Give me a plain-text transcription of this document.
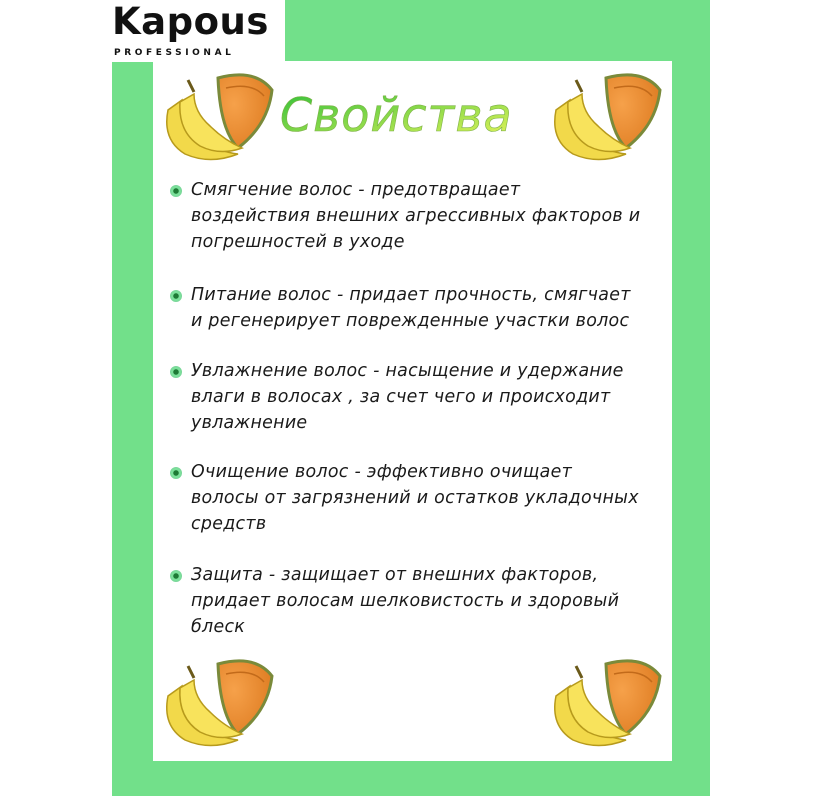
Kapous
PROFESSIONAL
Свойства
Смягчение волос - предотвращает
воздействия внешних агрессивных факторов и
погрешностей в уходе
Питание волос - придает прочность, смягчает
и регенерирует поврежденные участки волос
Увлажнение волос - насыщение и удержание
влаги в волосах , за счет чего и происходит
увлажнение
Очищение волос - эффективно очищает
волосы от загрязнений и остатков укладочных
средств
Защита - защищает от внешних факторов,
придает волосам шелковистость и здоровый
блеск
